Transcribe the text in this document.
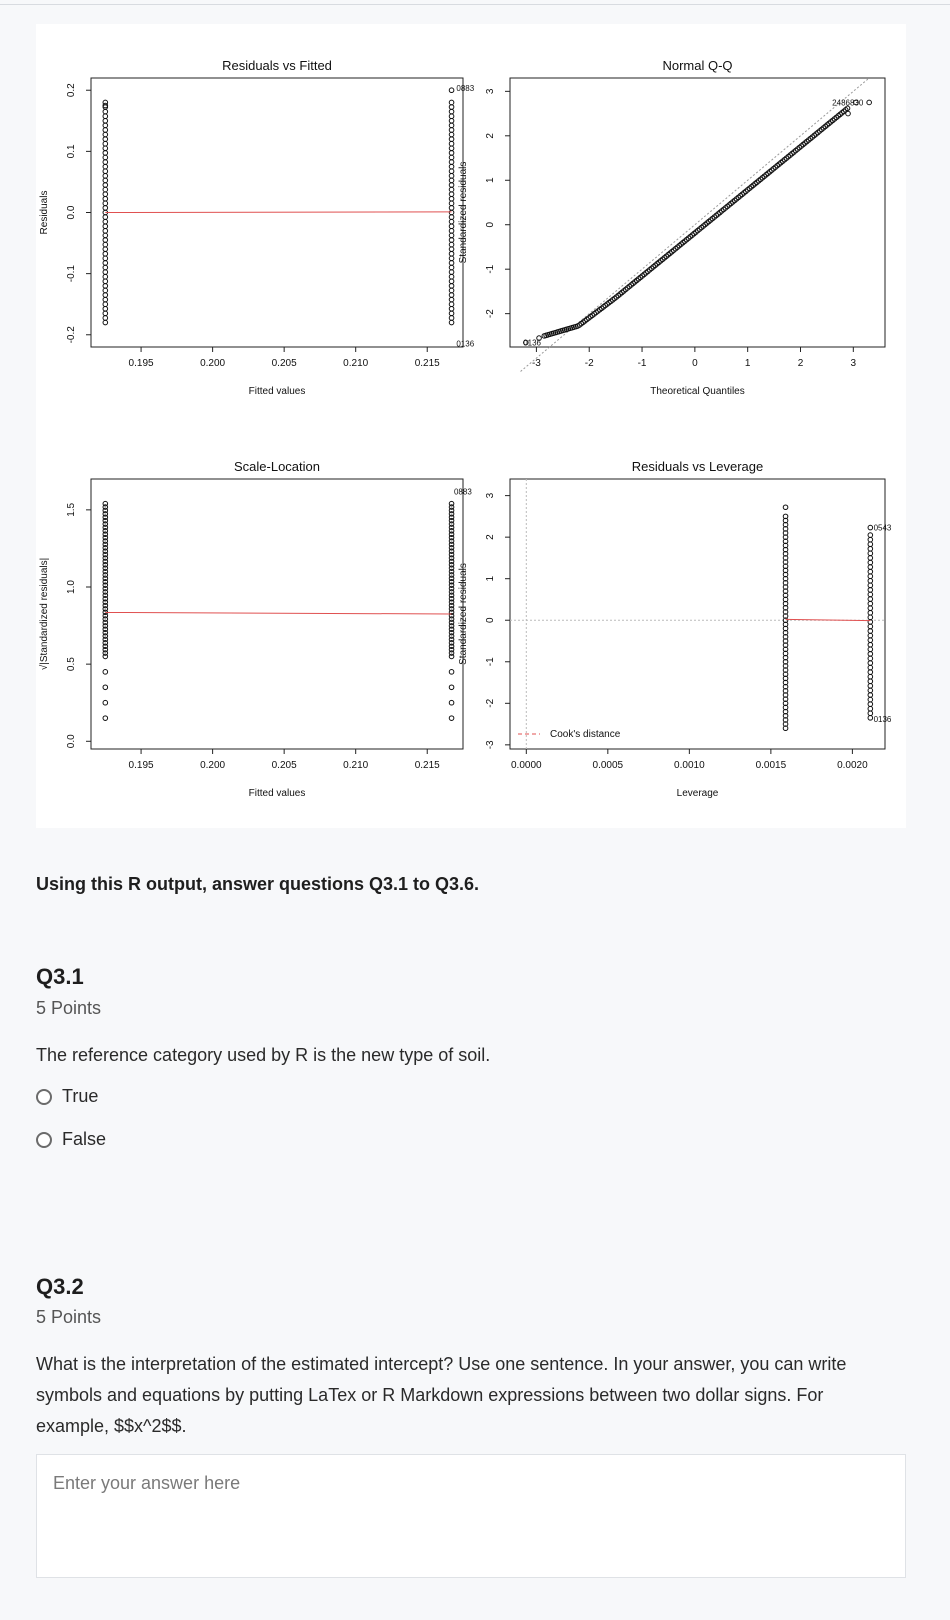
Residuals vs Fitted
0.195	0.200	0.205	0.210	0.215
Fitted values
-0.2
-0.1
0.0
0.1
0.2
Residuals
Normal Q-Q
-3	-2	-1	0	1	2	3
Theoretical Quantiles
-2
-1
0
1
2
3
Standardized residuals
Scale-Location
0.195	0.200	0.205	0.210	0.215
Fitted values
0.0
0.5
1.0
1.5
√|Standardized residuals|
Residuals vs Leverage
0.0000	0.0005	0.0010	0.0015	0.0020
Leverage
-3
-2
-1
0
1
2
3
Standardized residuals
0883
0136	0136
2486830
0883
0543
0136
Cook's distance
Using this R output, answer questions Q3.1 to Q3.6.
Q3.1
5 Points
The reference category used by R is the new type of soil.
True
False
Q3.2
5 Points
What is the interpretation of the estimated intercept? Use one sentence. In your answer, you can write symbols and equations by putting LaTex or R Markdown expressions between two dollar signs. For example, $$x^2$$.
Enter your answer here
